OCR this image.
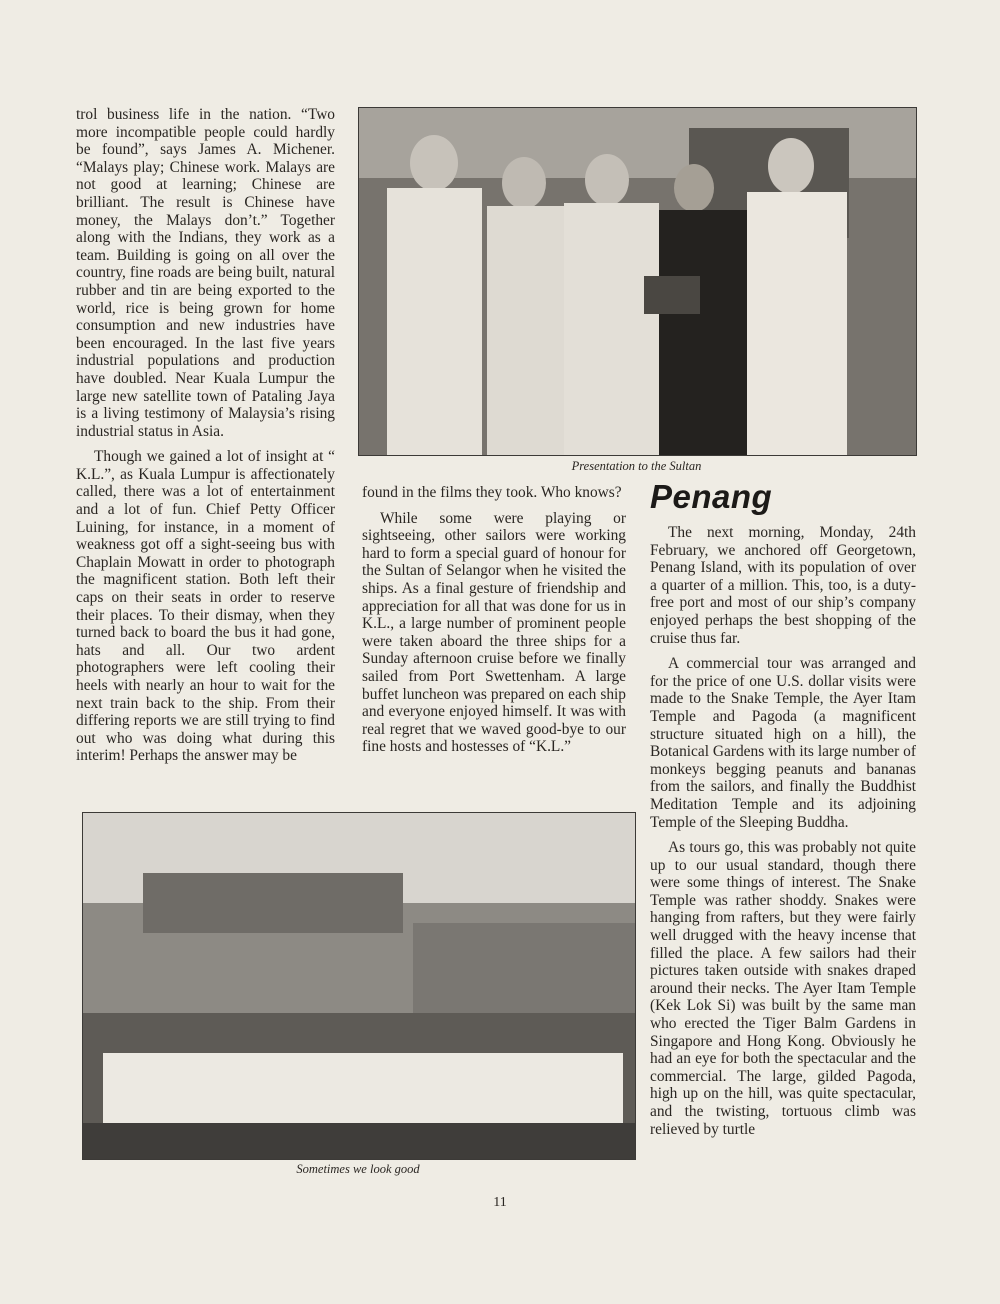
trol business life in the nation. “Two more incompatible people could hardly be found”, says James A. Michener. “Malays play; Chinese work. Malays are not good at learning; Chinese are brilliant. The result is Chinese have money, the Malays don’t.” Together along with the Indians, they work as a team. Building is going on all over the country, fine roads are being built, natural rubber and tin are being exported to the world, rice is being grown for home consumption and new industries have been encouraged. In the last five years industrial populations and production have doubled. Near Kuala Lumpur the large new satellite town of Pataling Jaya is a living testimony of Malaysia’s rising industrial status in Asia.

Though we gained a lot of insight at “ K.L.”, as Kuala Lumpur is affectionately called, there was a lot of entertainment and a lot of fun. Chief Petty Officer Luining, for instance, in a moment of weakness got off a sight-seeing bus with Chaplain Mowatt in order to photograph the magnificent station. Both left their caps on their seats in order to reserve their places. To their dismay, when they turned back to board the bus it had gone, hats and all. Our two ardent photographers were left cooling their heels with nearly an hour to wait for the next train back to the ship. From their differing reports we are still trying to find out who was doing what during this interim! Perhaps the answer may be

Presentation to the Sultan

found in the films they took. Who knows?

While some were playing or sightseeing, other sailors were working hard to form a special guard of honour for the Sultan of Selangor when he visited the ships. As a final gesture of friendship and appreciation for all that was done for us in K.L., a large number of prominent people were taken aboard the three ships for a Sunday afternoon cruise before we finally sailed from Port Swettenham. A large buffet luncheon was prepared on each ship and everyone enjoyed himself. It was with real regret that we waved good-bye to our fine hosts and hostesses of “K.L.”

Penang

The next morning, Monday, 24th February, we anchored off Georgetown, Penang Island, with its population of over a quarter of a million. This, too, is a duty-free port and most of our ship’s company enjoyed perhaps the best shopping of the cruise thus far.

A commercial tour was arranged and for the price of one U.S. dollar visits were made to the Snake Temple, the Ayer Itam Temple and Pagoda (a magnificent structure situated high on a hill), the Botanical Gardens with its large number of monkeys begging peanuts and bananas from the sailors, and finally the Buddhist Meditation Temple and its adjoining Temple of the Sleeping Buddha.

As tours go, this was probably not quite up to our usual standard, though there were some things of interest. The Snake Temple was rather shoddy. Snakes were hanging from rafters, but they were fairly well drugged with the heavy incense that filled the place. A few sailors had their pictures taken outside with snakes draped around their necks. The Ayer Itam Temple (Kek Lok Si) was built by the same man who erected the Tiger Balm Gardens in Singapore and Hong Kong. Obviously he had an eye for both the spectacular and the commercial. The large, gilded Pagoda, high up on the hill, was quite spectacular, and the twisting, tortuous climb was relieved by turtle

Sometimes we look good
11
